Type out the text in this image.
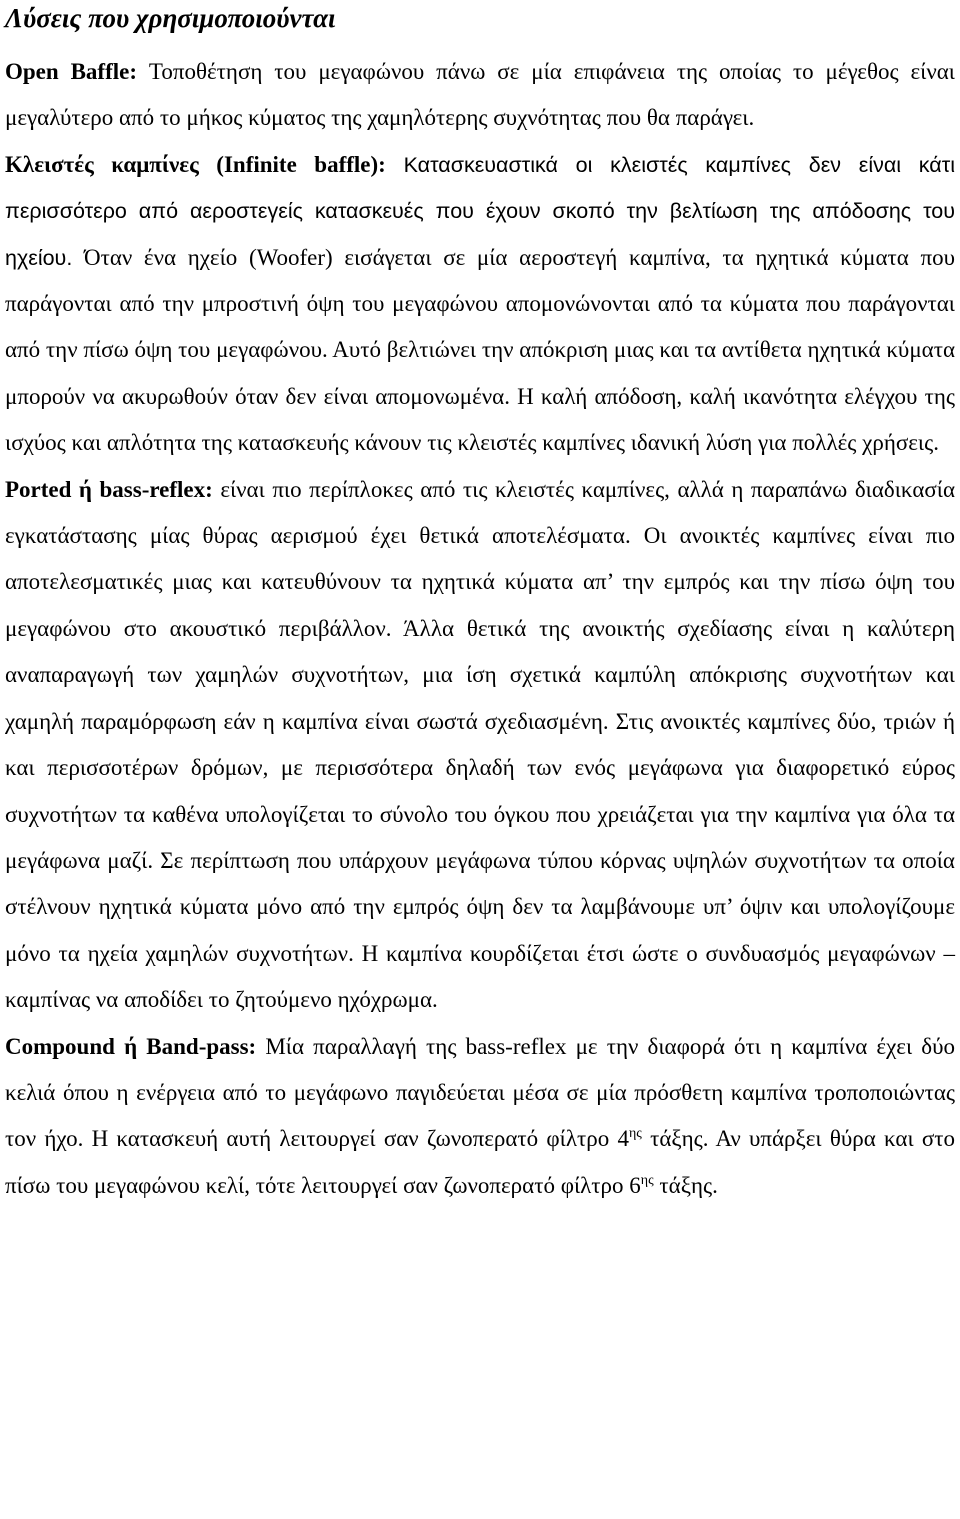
Λύσεις που χρησιμοποιούνται

Open Baffle: Τοποθέτηση του μεγαφώνου πάνω σε μία επιφάνεια της οποίας το μέγεθος είναι μεγαλύτερο από το μήκος κύματος της χαμηλότερης συχνότητας που θα παράγει.

Κλειστές καμπίνες (Infinite baffle): Κατασκευαστικά οι κλειστές καμπίνες δεν είναι κάτι περισσότερο από αεροστεγείς κατασκευές που έχουν σκοπό την βελτίωση της απόδοσης του ηχείου. Όταν ένα ηχείο (Woofer) εισάγεται σε μία αεροστεγή καμπίνα, τα ηχητικά κύματα που παράγονται από την μπροστινή όψη του μεγαφώνου απομονώνονται από τα κύματα που παράγονται από την πίσω όψη του μεγαφώνου. Αυτό βελτιώνει την απόκριση μιας και τα αντίθετα ηχητικά κύματα μπορούν να ακυρωθούν όταν δεν είναι απομονωμένα. Η καλή απόδοση, καλή ικανότητα ελέγχου της ισχύος και απλότητα της κατασκευής κάνουν τις κλειστές καμπίνες ιδανική λύση για πολλές χρήσεις.

Ported ή bass-reflex: είναι πιο περίπλοκες από τις κλειστές καμπίνες, αλλά η παραπάνω διαδικασία εγκατάστασης μίας θύρας αερισμού έχει θετικά αποτελέσματα. Οι ανοικτές καμπίνες είναι πιο αποτελεσματικές μιας και κατευθύνουν τα ηχητικά κύματα απ’ την εμπρός και την πίσω όψη του μεγαφώνου στο ακουστικό περιβάλλον. Άλλα θετικά της ανοικτής σχεδίασης είναι η καλύτερη αναπαραγωγή των χαμηλών συχνοτήτων, μια ίση σχετικά καμπύλη απόκρισης συχνοτήτων και χαμηλή παραμόρφωση εάν η καμπίνα είναι σωστά σχεδιασμένη. Στις ανοικτές καμπίνες δύο, τριών ή και περισσοτέρων δρόμων, με περισσότερα δηλαδή των ενός μεγάφωνα για διαφορετικό εύρος συχνοτήτων τα καθένα υπολογίζεται το σύνολο του όγκου που χρειάζεται για την καμπίνα για όλα τα μεγάφωνα μαζί. Σε περίπτωση που υπάρχουν μεγάφωνα τύπου κόρνας υψηλών συχνοτήτων τα οποία στέλνουν ηχητικά κύματα μόνο από την εμπρός όψη δεν τα λαμβάνουμε υπ’ όψιν και υπολογίζουμε μόνο τα ηχεία χαμηλών συχνοτήτων. Η καμπίνα κουρδίζεται έτσι ώστε ο συνδυασμός μεγαφώνων – καμπίνας να αποδίδει το ζητούμενο ηχόχρωμα.

Compound ή Band-pass: Μία παραλλαγή της bass-reflex με την διαφορά ότι η καμπίνα έχει δύο κελιά όπου η ενέργεια από το μεγάφωνο παγιδεύεται μέσα σε μία πρόσθετη καμπίνα τροποποιώντας τον ήχο. Η κατασκευή αυτή λειτουργεί σαν ζωνοπερατό φίλτρο $4^{\eta\varsigma}$ τάξης. Αν υπάρξει θύρα και στο πίσω του μεγαφώνου κελί, τότε λειτουργεί σαν ζωνοπερατό φίλτρο $6^{\eta\varsigma}$ τάξης.
